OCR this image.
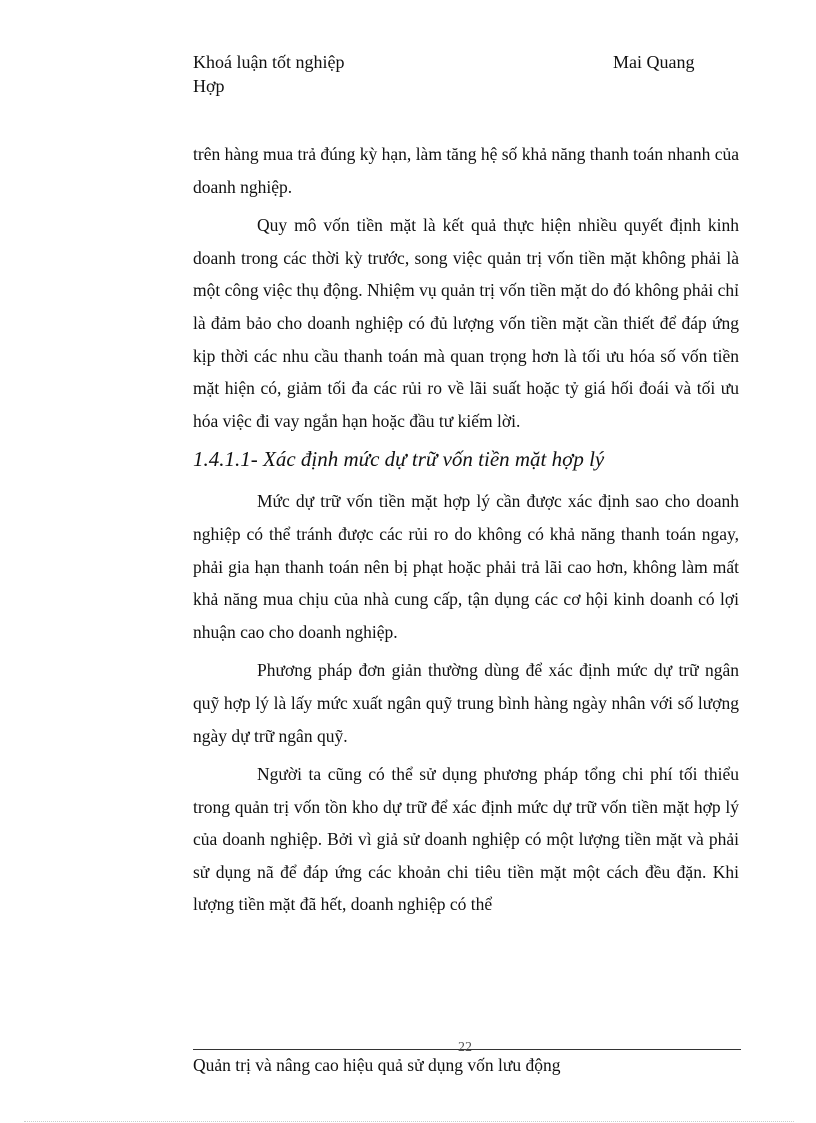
Khoá luận tốt nghiệp	Mai Quang
Hợp

trên hàng mua trả đúng kỳ hạn, làm tăng hệ số khả năng thanh toán nhanh của doanh nghiệp.

Quy mô vốn tiền mặt là kết quả thực hiện nhiều quyết định kinh doanh trong các thời kỳ trước, song việc quản trị vốn tiền mặt không phải là một công việc thụ động. Nhiệm vụ quản trị vốn tiền mặt do đó không phải chỉ là đảm bảo cho doanh nghiệp có đủ lượng vốn tiền mặt cần thiết để đáp ứng kịp thời các nhu cầu thanh toán mà quan trọng hơn là tối ưu hóa số vốn tiền mặt hiện có, giảm tối đa các rủi ro về lãi suất hoặc tỷ giá hối đoái và tối ưu hóa việc đi vay ngắn hạn hoặc đầu tư kiếm lời.

1.4.1.1- Xác định mức dự trữ vốn tiền mặt hợp lý

Mức dự trữ vốn tiền mặt hợp lý cần được xác định sao cho doanh nghiệp có thể tránh được các rủi ro do không có khả năng thanh toán ngay, phải gia hạn thanh toán nên bị phạt hoặc phải trả lãi cao hơn, không làm mất khả năng mua chịu của nhà cung cấp, tận dụng các cơ hội kinh doanh có lợi nhuận cao cho doanh nghiệp.

Phương pháp đơn giản thường dùng để xác định mức dự trữ ngân quỹ hợp lý là lấy mức xuất ngân quỹ trung bình hàng ngày nhân với số lượng ngày dự trữ ngân quỹ.

Người ta cũng có thể sử dụng phương pháp tổng chi phí tối thiểu trong quản trị vốn tồn kho dự trữ để xác định mức dự trữ vốn tiền mặt hợp lý của doanh nghiệp. Bởi vì giả sử doanh nghiệp có một lượng tiền mặt và phải sử dụng nã để đáp ứng các khoản chi tiêu tiền mặt một cách đều đặn. Khi lượng tiền mặt đã hết, doanh nghiệp có thể

22
Quản trị và nâng cao hiệu quả sử dụng vốn lưu động
